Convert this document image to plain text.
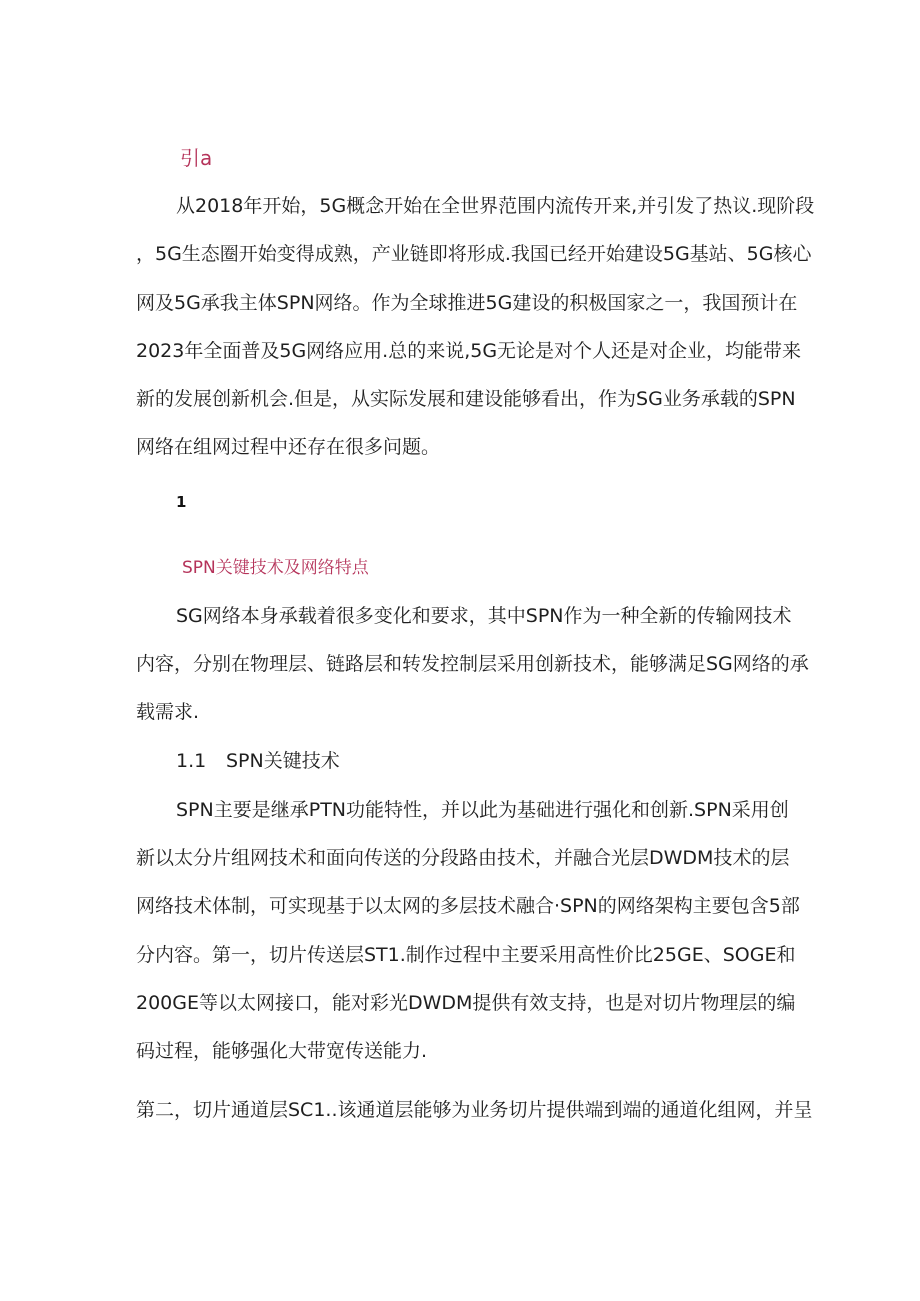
引a
从2018年开始，5G概念开始在全世界范围内流传开来,并引发了热议.现阶段
，5G生态圈开始变得成熟，产业链即将形成.我国已经开始建设5G基站、5G核心
网及5G承我主体SPN网络。作为全球推进5G建设的积极国家之一，我国预计在
2023年全面普及5G网络应用.总的来说,5G无论是对个人还是对企业，均能带来
新的发展创新机会.但是，从实际发展和建设能够看出，作为SG业务承载的SPN
网络在组网过程中还存在很多问题。
1
SPN关键技术及网络特点
SG网络本身承载着很多变化和要求，其中SPN作为一种全新的传输网技术
内容，分别在物理层、链路层和转发控制层采用创新技术，能够满足SG网络的承
载需求.
1.1 SPN关键技术
SPN主要是继承PTN功能特性，并以此为基础进行强化和创新.SPN采用创
新以太分片组网技术和面向传送的分段路由技术，并融合光层DWDM技术的层
网络技术体制，可实现基于以太网的多层技术融合·SPN的网络架构主要包含5部
分内容。第一，切片传送层ST1.制作过程中主要采用高性价比25GE、SOGE和
200GE等以太网接口，能对彩光DWDM提供有效支持，也是对切片物理层的编
码过程，能够强化大带宽传送能力.
第二，切片通道层SC1..该通道层能够为业务切片提供端到端的通道化组网，并呈
